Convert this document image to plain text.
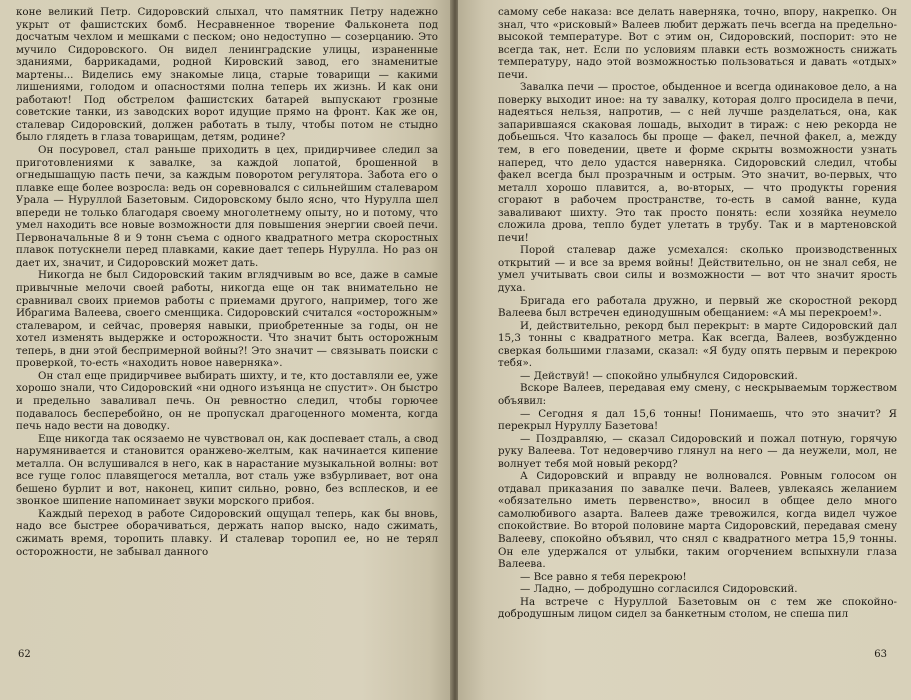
коне великий Петр. Сидоровский слыхал, что памятник Петру надежно укрыт от фашистских бомб. Несравненное творение Фальконета под досчатым чехлом и мешками с песком; оно недоступно — созерцанию. Это мучило Сидоровского. Он видел ленинградские улицы, израненные зданиями, баррикадами, родной Кировский завод, его знаменитые мартены... Виделись ему знакомые лица, старые товарищи — какими лишениями, голодом и опасностями полна теперь их жизнь. И как они работают! Под обстрелом фашистских батарей выпускают грозные советские танки, из заводских ворот идущие прямо на фронт. Как же он, сталевар Сидоровский, должен работать в тылу, чтобы потом не стыдно было глядеть в глаза товарищам, детям, родине?

Он посуровел, стал раньше приходить в цех, придирчивее следил за приготовлениями к завалке, за каждой лопатой, брошенной в огнедышащую пасть печи, за каждым поворотом регулятора. Забота его о плавке еще более возросла: ведь он соревновался с сильнейшим сталеваром Урала — Нуруллой Базетовым. Сидоровскому было ясно, что Нурулла шел впереди не только благодаря своему многолетнему опыту, но и потому, что умел находить все новые возможности для повышения энергии своей печи. Первоначальные 8 и 9 тонн съема с одного квадратного метра скоростных плавок потускнели перед плавками, какие дает теперь Нурулла. Но раз он дает их, значит, и Сидоровский может дать.

Никогда не был Сидоровский таким вглядчивым во все, даже в самые привычные мелочи своей работы, никогда еще он так внимательно не сравнивал своих приемов работы с приемами другого, например, того же Ибрагима Валеева, своего сменщика. Сидоровский считался «осторожным» сталеваром, и сейчас, проверяя навыки, приобретенные за годы, он не хотел изменять выдержке и осторожности. Что значит быть осторожным теперь, в дни этой беспримерной войны?! Это значит — связывать поиски с проверкой, то-есть «находить новое наверняка».

Он стал еще придирчивее выбирать шихту, и те, кто доставляли ее, уже хорошо знали, что Сидоровский «ни одного изъянца не спустит». Он быстро и предельно заваливал печь. Он ревностно следил, чтобы горючее подавалось бесперебойно, он не пропускал драгоценного момента, когда печь надо вести на доводку.

Еще никогда так осязаемо не чувствовал он, как доспевает сталь, а свод нарумянивается и становится оранжево-желтым, как начинается кипение металла. Он вслушивался в него, как в нарастание музыкальной волны: вот все гуще голос плавящегося металла, вот сталь уже взбурливает, вот она бешено бурлит и вот, наконец, кипит сильно, ровно, без всплесков, и ее звонкое шипение напоминает звуки морского прибоя.

Каждый переход в работе Сидоровский ощущал теперь, как бы вновь, надо все быстрее оборачиваться, держать напор выско, надо сжимать, сжимать время, торопить плавку. И сталевар торопил ее, но не терял осторожности, не забывал данного

62

самому себе наказа: все делать наверняка, точно, впору, накрепко. Он знал, что «рисковый» Валеев любит держать печь всегда на предельно-высокой температуре. Вот с этим он, Сидоровский, поспорит: это не всегда так, нет. Если по условиям плавки есть возможность снижать температуру, надо этой возможностью пользоваться и давать «отдых» печи.

Завалка печи — простое, обыденное и всегда одинаковое дело, а на поверку выходит иное: на ту завалку, которая долго просидела в печи, надеяться нельзя, напротив, — с ней лучше разделаться, она, как запарившаяся скаковая лошадь, выходит в тираж: с нею рекорда не добьешься. Что казалось бы проще — факел, печной факел, а, между тем, в его поведении, цвете и форме скрыты возможности узнать наперед, что дело удастся наверняка. Сидоровский следил, чтобы факел всегда был прозрачным и острым. Это значит, во-первых, что металл хорошо плавится, а, во-вторых, — что продукты горения сгорают в рабочем пространстве, то-есть в самой ванне, куда заваливают шихту. Это так просто понять: если хозяйка неумело сложила дрова, тепло будет улетать в трубу. Так и в мартеновской печи!

Порой сталевар даже усмехался: сколько производственных открытий — и все за время войны! Действительно, он не знал себя, не умел учитывать свои силы и возможности — вот что значит ярость духа.

Бригада его работала дружно, и первый же скоростной рекорд Валеева был встречен единодушным обещанием: «А мы перекроем!».

И, действительно, рекорд был перекрыт: в марте Сидоровский дал 15,3 тонны с квадратного метра. Как всегда, Валеев, возбужденно сверкая большими глазами, сказал: «Я буду опять первым и перекрою тебя».

— Действуй! — спокойно улыбнулся Сидоровский.

Вскоре Валеев, передавая ему смену, с нескрываемым торжеством объявил:

— Сегодня я дал 15,6 тонны! Понимаешь, что это значит? Я перекрыл Нуруллу Базетова!

— Поздравляю, — сказал Сидоровский и пожал потную, горячую руку Валеева. Тот недоверчиво глянул на него — да неужели, мол, не волнует тебя мой новый рекорд?

А Сидоровский и вправду не волновался. Ровным голосом он отдавал приказания по завалке печи. Валеев, увлекаясь желанием «обязательно иметь первенство», вносил в общее дело много самолюбивого азарта. Валеев даже тревожился, когда видел чужое спокойствие. Во второй половине марта Сидоровский, передавая смену Валееву, спокойно объявил, что снял с квадратного метра 15,9 тонны. Он еле удержался от улыбки, таким огорчением вспыхнули глаза Валеева.

— Все равно я тебя перекрою!

— Ладно, — добродушно согласился Сидоровский.

На встрече с Нуруллой Базетовым он с тем же спокойно-добродушным лицом сидел за банкетным столом, не спеша пил

63
